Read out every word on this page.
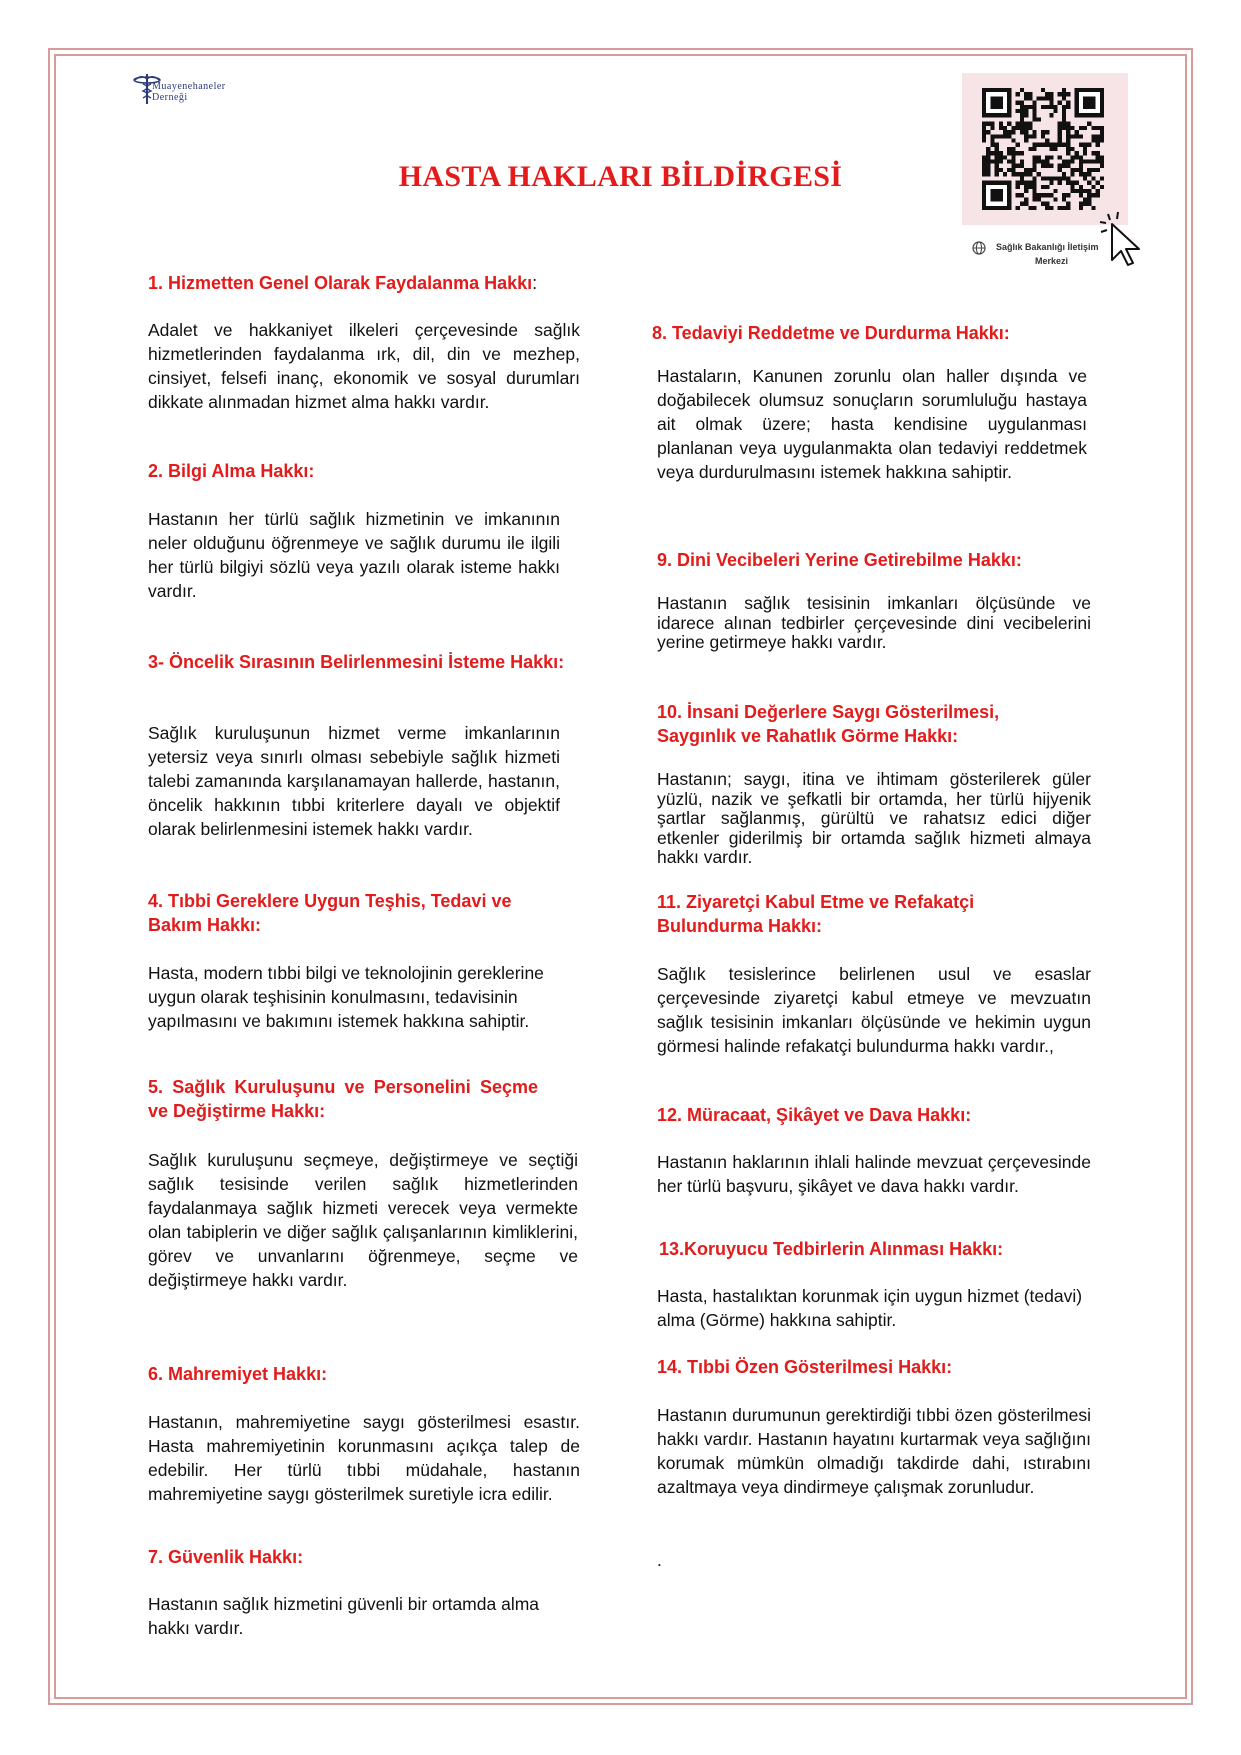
Muayenehaneler
Derneği
HASTA HAKLARI BİLDİRGESİ
Sağlık Bakanlığı İletişim
Merkezi
1. Hizmetten Genel Olarak Faydalanma Hakkı:
Adalet ve hakkaniyet ilkeleri çerçevesinde sağlık hizmetlerinden faydalanma ırk, dil, din ve mezhep, cinsiyet, felsefi inanç, ekonomik ve sosyal durumları dikkate alınmadan hizmet alma hakkı vardır.
2. Bilgi Alma Hakkı:
Hastanın her türlü sağlık hizmetinin ve imkanının neler olduğunu öğrenmeye ve sağlık durumu ile ilgili her türlü bilgiyi sözlü veya yazılı olarak isteme hakkı vardır.
3- Öncelik Sırasının Belirlenmesini İsteme Hakkı:
Sağlık kuruluşunun hizmet verme imkanlarının yetersiz veya sınırlı olması sebebiyle sağlık hizmeti talebi zamanında karşılanamayan hallerde, hastanın, öncelik hakkının tıbbi kriterlere dayalı ve objektif olarak belirlenmesini istemek hakkı vardır.
4. Tıbbi Gereklere Uygun Teşhis, Tedavi ve Bakım Hakkı:
Hasta, modern tıbbi bilgi ve teknolojinin gereklerine uygun olarak teşhisinin konulmasını, tedavisinin yapılmasını ve bakımını istemek hakkına sahiptir.
5. Sağlık Kuruluşunu ve Personelini Seçme ve Değiştirme Hakkı:
Sağlık kuruluşunu seçmeye, değiştirmeye ve seçtiği sağlık tesisinde verilen sağlık hizmetlerinden faydalanmaya sağlık hizmeti verecek veya vermekte olan tabiplerin ve diğer sağlık çalışanlarının kimliklerini, görev ve unvanlarını öğrenmeye, seçme ve değiştirmeye hakkı vardır.
6. Mahremiyet Hakkı:
Hastanın, mahremiyetine saygı gösterilmesi esastır. Hasta mahremiyetinin korunmasını açıkça talep de edebilir. Her türlü tıbbi müdahale, hastanın mahremiyetine saygı gösterilmek suretiyle icra edilir.
7. Güvenlik Hakkı:
Hastanın sağlık hizmetini güvenli bir ortamda alma hakkı vardır.
8. Tedaviyi Reddetme ve Durdurma Hakkı:
Hastaların, Kanunen zorunlu olan haller dışında ve doğabilecek olumsuz sonuçların sorumluluğu hastaya ait olmak üzere; hasta kendisine uygulanması planlanan veya uygulanmakta olan tedaviyi reddetmek veya durdurulmasını istemek hakkına sahiptir.
9. Dini Vecibeleri Yerine Getirebilme Hakkı:
Hastanın sağlık tesisinin imkanları ölçüsünde ve idarece alınan tedbirler çerçevesinde dini vecibelerini yerine getirmeye hakkı vardır.
10. İnsani Değerlere Saygı Gösterilmesi, Saygınlık ve Rahatlık Görme Hakkı:
Hastanın; saygı, itina ve ihtimam gösterilerek güler yüzlü, nazik ve şefkatli bir ortamda, her türlü hijyenik şartlar sağlanmış, gürültü ve rahatsız edici diğer etkenler giderilmiş bir ortamda sağlık hizmeti almaya hakkı vardır.
11. Ziyaretçi Kabul Etme ve Refakatçi Bulundurma Hakkı:
Sağlık tesislerince belirlenen usul ve esaslar çerçevesinde ziyaretçi kabul etmeye ve mevzuatın sağlık tesisinin imkanları ölçüsünde ve hekimin uygun görmesi halinde refakatçi bulundurma hakkı vardır.,
12. Müracaat, Şikâyet ve Dava Hakkı:
Hastanın haklarının ihlali halinde mevzuat çerçevesinde her türlü başvuru, şikâyet ve dava hakkı vardır.
13.Koruyucu Tedbirlerin Alınması Hakkı:
Hasta, hastalıktan korunmak için uygun hizmet (tedavi) alma (Görme) hakkına sahiptir.
14. Tıbbi Özen Gösterilmesi Hakkı:
Hastanın durumunun gerektirdiği tıbbi özen gösterilmesi hakkı vardır. Hastanın hayatını kurtarmak veya sağlığını korumak mümkün olmadığı takdirde dahi, ıstırabını azaltmaya veya dindirmeye çalışmak zorunludur.
.
